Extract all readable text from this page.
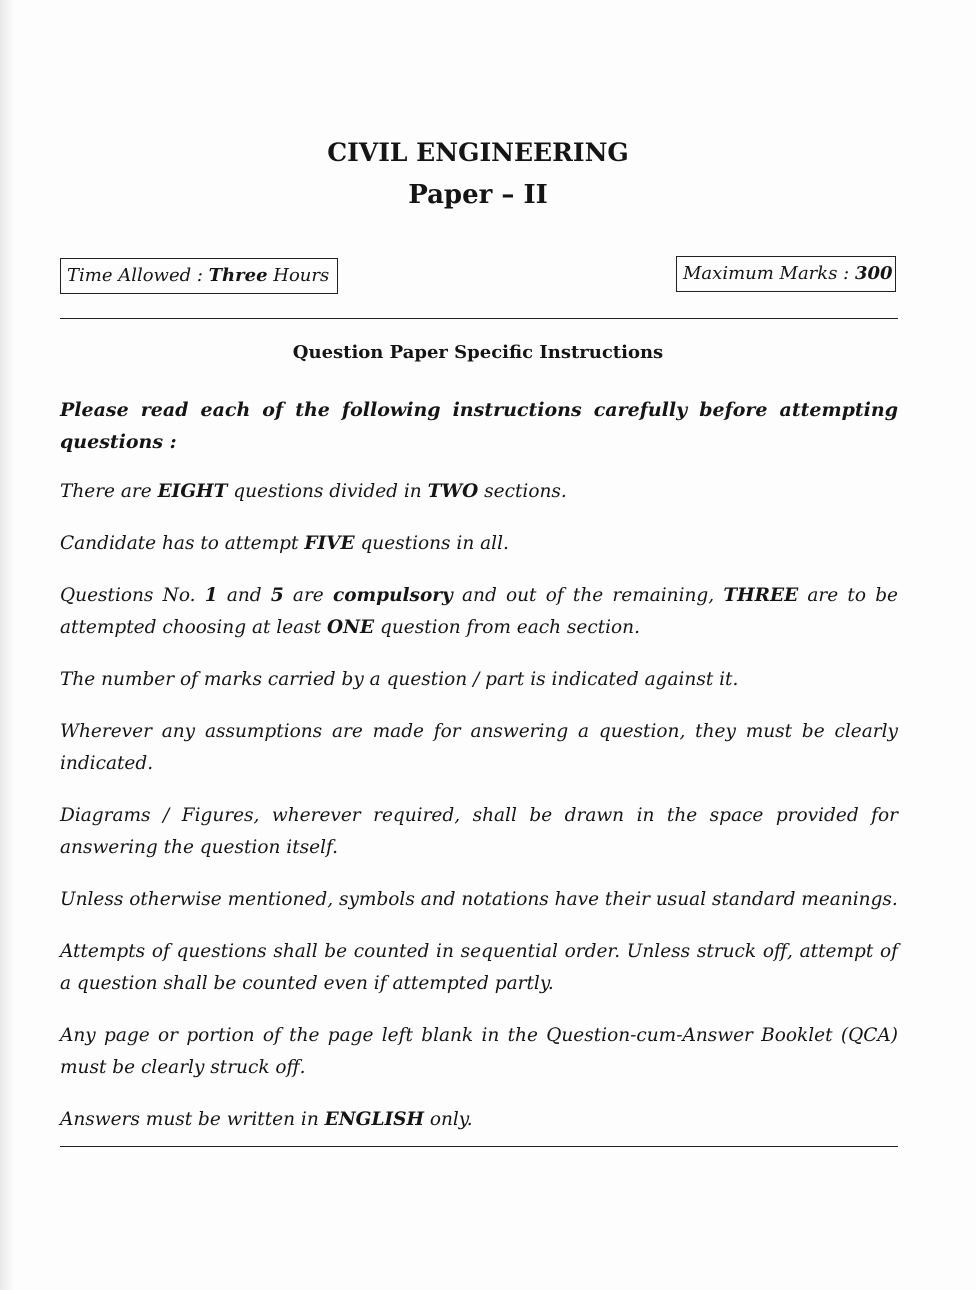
CIVIL ENGINEERING
Paper – II
Time Allowed : Three Hours	Maximum Marks : 300
Question Paper Specific Instructions

Please read each of the following instructions carefully before attempting questions :

There are EIGHT questions divided in TWO sections.

Candidate has to attempt FIVE questions in all.

Questions No. 1 and 5 are compulsory and out of the remaining, THREE are to be attempted choosing at least ONE question from each section.

The number of marks carried by a question / part is indicated against it.

Wherever any assumptions are made for answering a question, they must be clearly indicated.

Diagrams / Figures, wherever required, shall be drawn in the space provided for answering the question itself.

Unless otherwise mentioned, symbols and notations have their usual standard meanings.

Attempts of questions shall be counted in sequential order. Unless struck off, attempt of a question shall be counted even if attempted partly.

Any page or portion of the page left blank in the Question-cum-Answer Booklet (QCA) must be clearly struck off.

Answers must be written in ENGLISH only.
